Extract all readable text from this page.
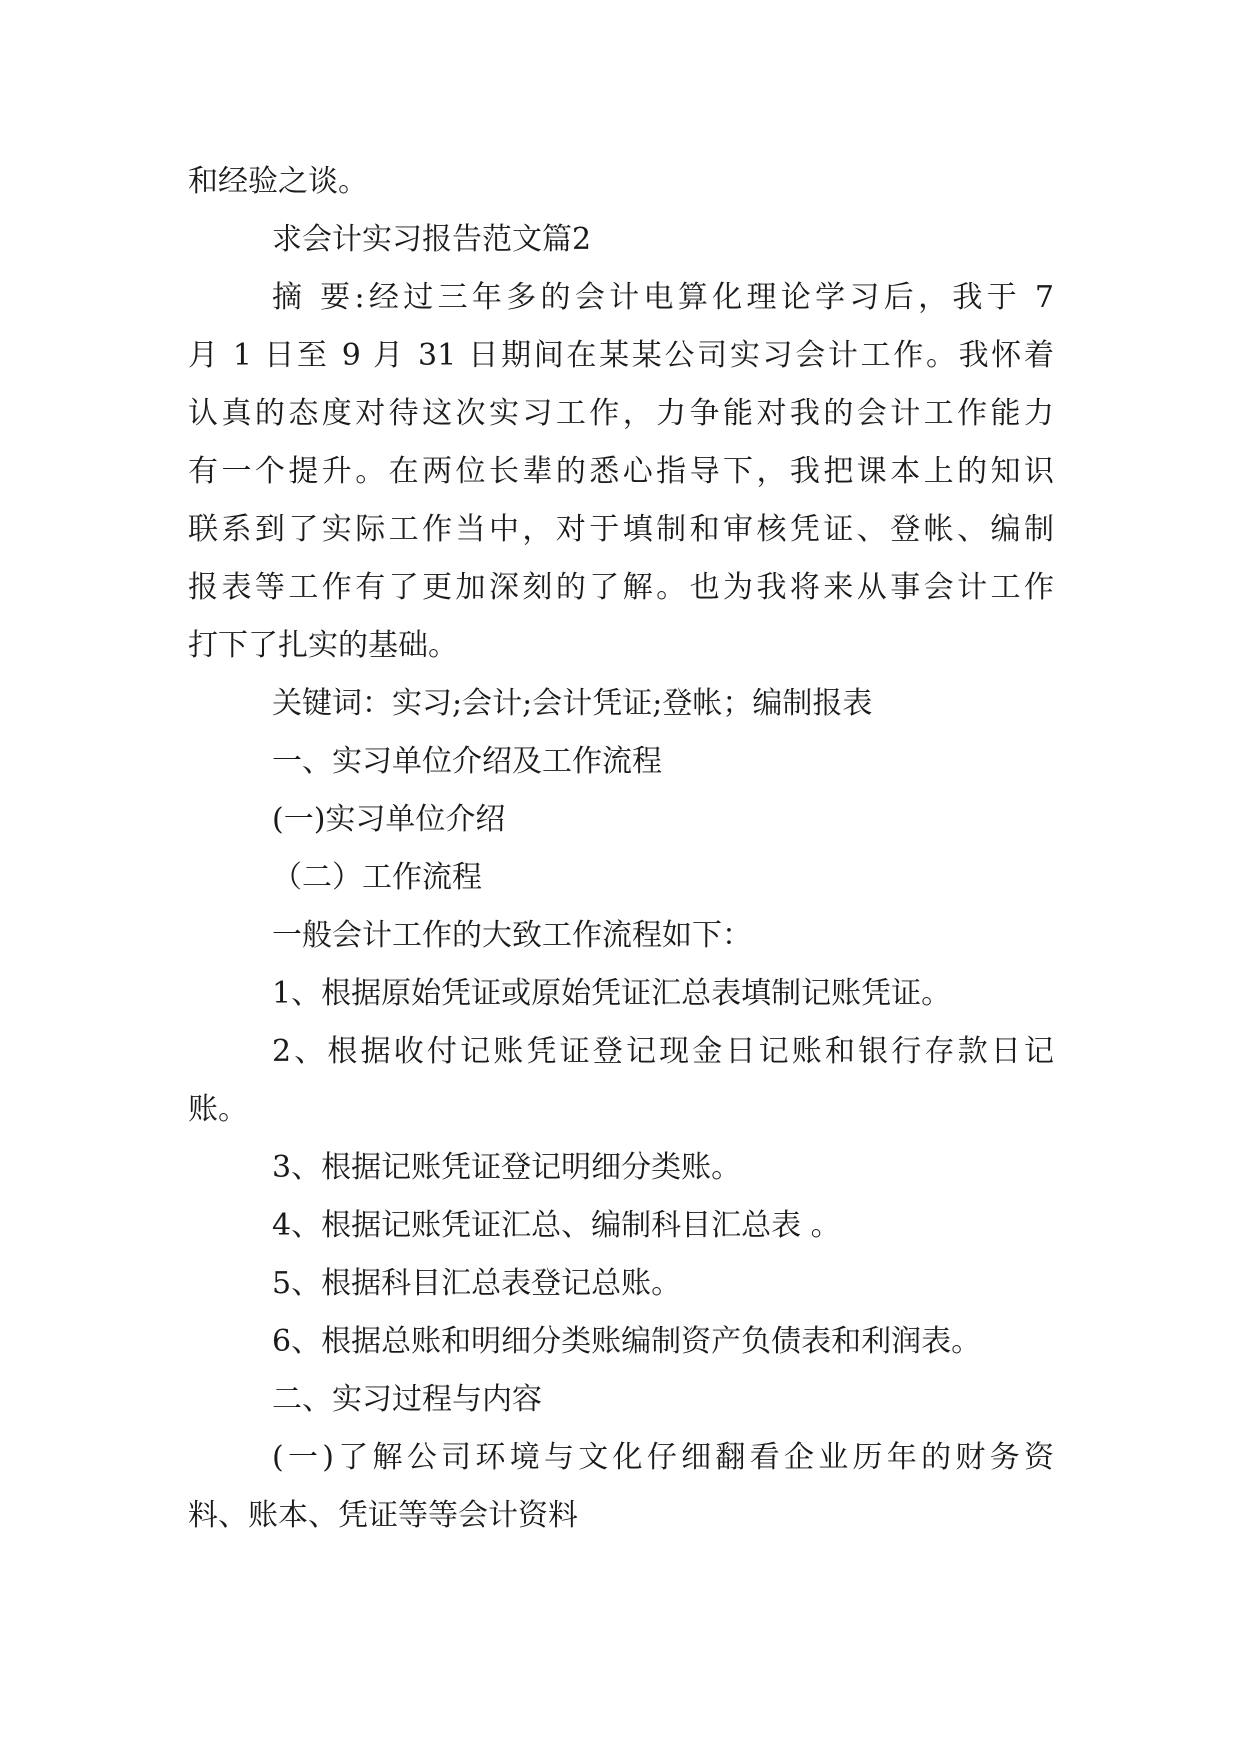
和经验之谈。
求会计实习报告范文篇2
摘 要:经过三年多的会计电算化理论学习后，我于 7
月 1 日至 9 月 31 日期间在某某公司实习会计工作。我怀着
认真的态度对待这次实习工作，力争能对我的会计工作能力
有一个提升。在两位长辈的悉心指导下，我把课本上的知识
联系到了实际工作当中，对于填制和审核凭证、登帐、编制
报表等工作有了更加深刻的了解。也为我将来从事会计工作
打下了扎实的基础。
关键词：实习;会计;会计凭证;登帐；编制报表
一、实习单位介绍及工作流程
(一)实习单位介绍
（二）工作流程
一般会计工作的大致工作流程如下：
1、根据原始凭证或原始凭证汇总表填制记账凭证。
2、根据收付记账凭证登记现金日记账和银行存款日记
账。
3、根据记账凭证登记明细分类账。
4、根据记账凭证汇总、编制科目汇总表 。
5、根据科目汇总表登记总账。
6、根据总账和明细分类账编制资产负债表和利润表。
二、实习过程与内容
(一)了解公司环境与文化仔细翻看企业历年的财务资
料、账本、凭证等等会计资料
